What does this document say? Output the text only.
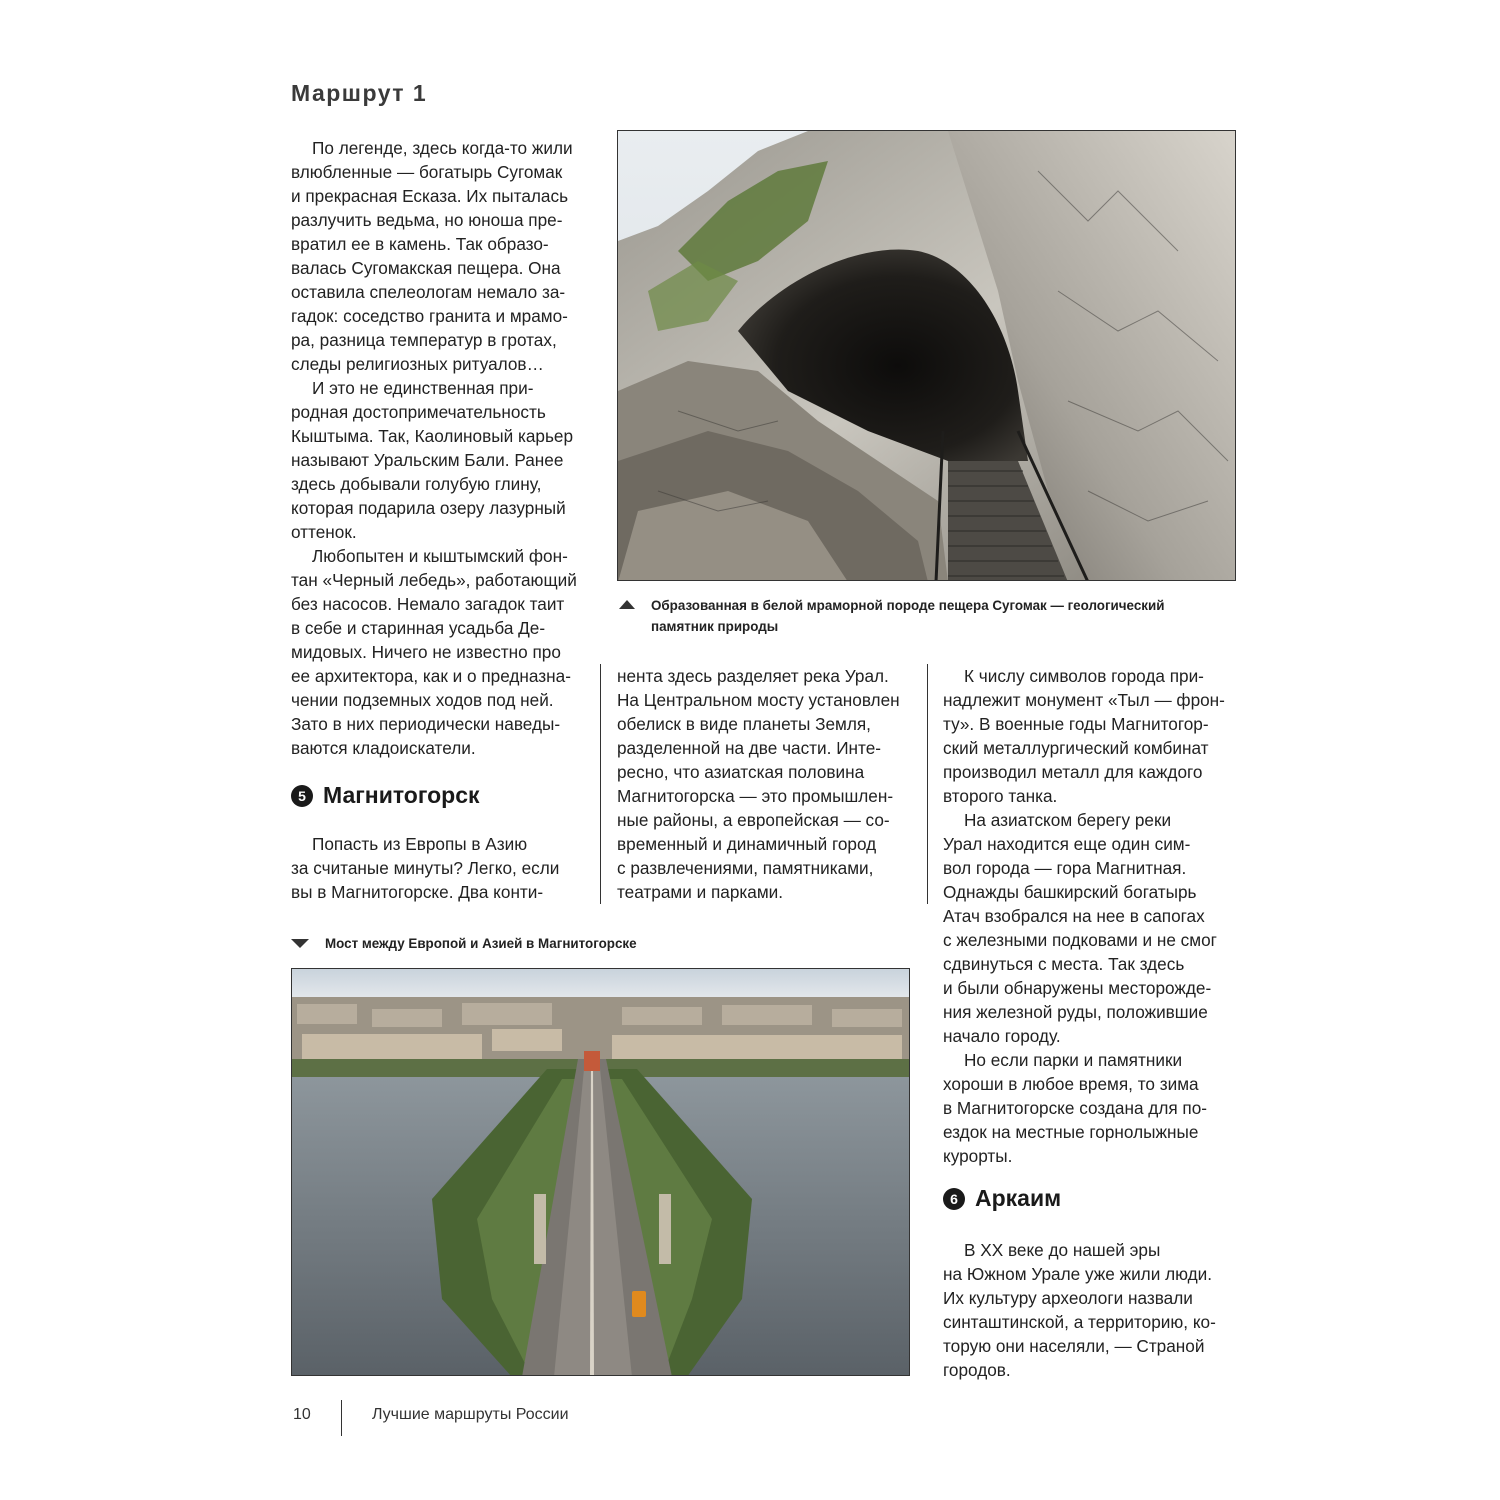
Маршрут 1

По легенде, здесь когда-то жили
влюбленные — богатырь Сугомак
и прекрасная Есказа. Их пыталась
разлучить ведьма, но юноша пре-
вратил ее в камень. Так образо-
валась Сугомакская пещера. Она
оставила спелеологам немало за-
гадок: соседство гранита и мрамо-
ра, разница температур в гротах,
следы религиозных ритуалов…

И это не единственная при-
родная достопримечательность
Кыштыма. Так, Каолиновый карьер
называют Уральским Бали. Ранее
здесь добывали голубую глину,
которая подарила озеру лазурный
оттенок.

Любопытен и кыштымский фон-
тан «Черный лебедь», работающий
без насосов. Немало загадок таит
в себе и старинная усадьба Де-
мидовых. Ничего не известно про
ее архитектора, как и о предназна-
чении подземных ходов под ней.
Зато в них периодически наведы-
ваются кладоискатели.

5 Магнитогорск

Попасть из Европы в Азию
за считаные минуты? Легко, если
вы в Магнитогорске. Два конти-

Образованная в белой мраморной породе пещера Сугомак — геологический
памятник природы

нента здесь разделяет река Урал.
На Центральном мосту установлен
обелиск в виде планеты Земля,
разделенной на две части. Инте-
ресно, что азиатская половина
Магнитогорска — это промышлен-
ные районы, а европейская — со-
временный и динамичный город
с развлечениями, памятниками,
театрами и парками.

К числу символов города при-
надлежит монумент «Тыл — фрон-
ту». В военные годы Магнитогор-
ский металлургический комбинат
производил металл для каждого
второго танка.

На азиатском берегу реки
Урал находится еще один сим-
вол города — гора Магнитная.
Однажды башкирский богатырь
Атач взобрался на нее в сапогах
с железными подковами и не смог
сдвинуться с места. Так здесь
и были обнаружены месторожде-
ния железной руды, положившие
начало городу.

Но если парки и памятники
хороши в любое время, то зима
в Магнитогорске создана для по-
ездок на местные горнолыжные
курорты.

6 Аркаим

В XX веке до нашей эры
на Южном Урале уже жили люди.
Их культуру археологи назвали
синташтинской, а территорию, ко-
торую они населяли, — Страной
городов.

Мост между Европой и Азией в Магнитогорске
10	Лучшие маршруты России
